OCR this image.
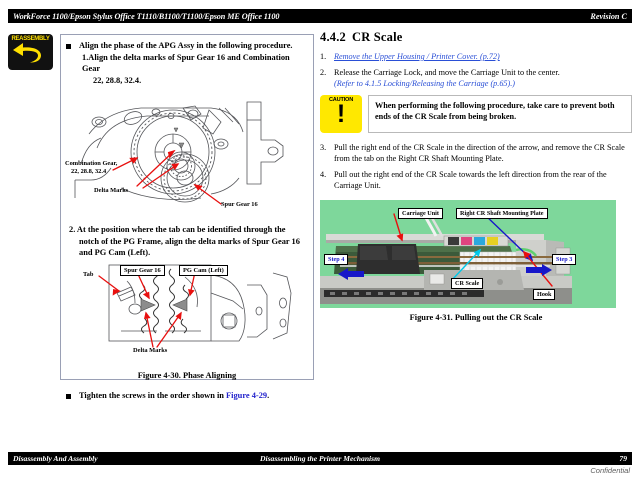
WorkForce 1100/Epson Stylus Office T1110/B1100/T1100/Epson ME Office 1100	Revision C
REASSEMBLY
Align the phase of the APG Assy in the following procedure.
1.Align the delta marks of Spur Gear 16 and Combination Gear
22, 28.8, 32.4.
Combination Gear,
22, 28.8, 32.4
Delta Marks
Spur Gear 16
2. At the position where the tab can be identified through the notch of the PG Frame, align the delta marks of Spur Gear 16 and PG Cam (Left).
Spur Gear 16	PG Cam (Left)
Tab
Delta Marks
Figure 4-30. Phase Aligning
Tighten the screws in the order shown in Figure 4-29.
4.4.2 CR Scale
1. Remove the Upper Housing / Printer Cover. (p.72)
2. Release the Carriage Lock, and move the Carriage Unit to the center.
(Refer to 4.1.5 Locking/Releasing the Carriage (p.65).)
CAUTION
!	When performing the following procedure, take care to prevent both ends of the CR Scale from being broken.
3. Pull the right end of the CR Scale in the direction of the arrow, and remove the CR Scale from the tab on the Right CR Shaft Mounting Plate.
4. Pull out the right end of the CR Scale towards the left direction from the rear of the Carriage Unit.
Carriage Unit	Right CR Shaft Mounting Plate
CR Scale
Hook
Step 4	Step 3
Figure 4-31. Pulling out the CR Scale
Disassembly And Assembly	Disassembling the Printer Mechanism	79
Confidential
